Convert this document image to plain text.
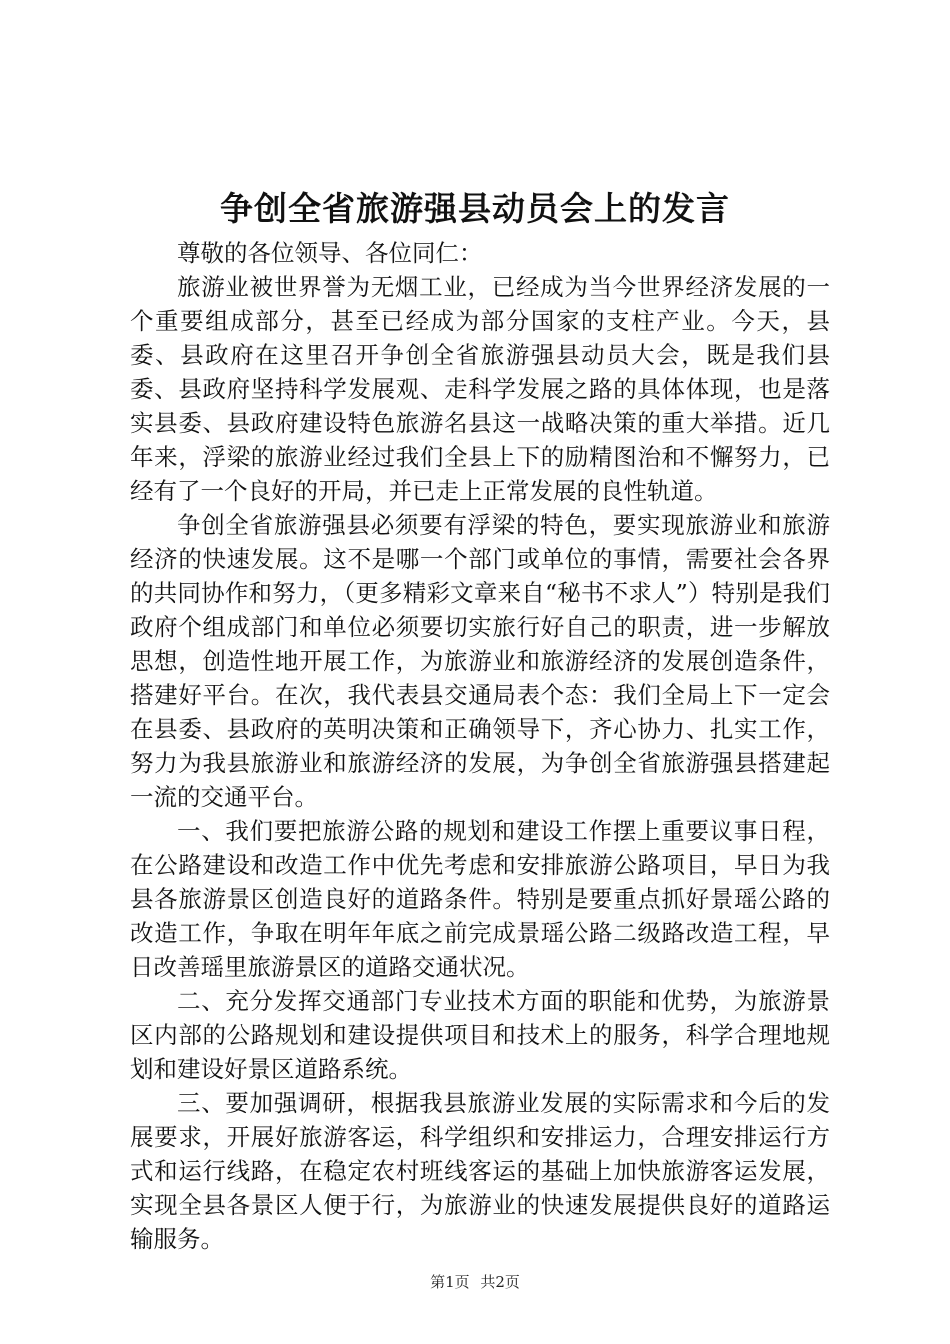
争创全省旅游强县动员会上的发言

尊敬的各位领导、各位同仁：

旅游业被世界誉为无烟工业，已经成为当今世界经济发展的一个重要组成部分，甚至已经成为部分国家的支柱产业。今天，县委、县政府在这里召开争创全省旅游强县动员大会，既是我们县委、县政府坚持科学发展观、走科学发展之路的具体体现，也是落实县委、县政府建设特色旅游名县这一战略决策的重大举措。近几年来，浮梁的旅游业经过我们全县上下的励精图治和不懈努力，已经有了一个良好的开局，并已走上正常发展的良性轨道。

争创全省旅游强县必须要有浮梁的特色，要实现旅游业和旅游经济的快速发展。这不是哪一个部门或单位的事情，需要社会各界的共同协作和努力，（更多精彩文章来自“秘书不求人”）特别是我们政府个组成部门和单位必须要切实旅行好自己的职责，进一步解放思想，创造性地开展工作，为旅游业和旅游经济的发展创造条件，搭建好平台。在次，我代表县交通局表个态：我们全局上下一定会在县委、县政府的英明决策和正确领导下，齐心协力、扎实工作，努力为我县旅游业和旅游经济的发展，为争创全省旅游强县搭建起一流的交通平台。

一、我们要把旅游公路的规划和建设工作摆上重要议事日程，在公路建设和改造工作中优先考虑和安排旅游公路项目，早日为我县各旅游景区创造良好的道路条件。特别是要重点抓好景瑶公路的改造工作，争取在明年年底之前完成景瑶公路二级路改造工程，早日改善瑶里旅游景区的道路交通状况。

二、充分发挥交通部门专业技术方面的职能和优势，为旅游景区内部的公路规划和建设提供项目和技术上的服务，科学合理地规划和建设好景区道路系统。

三、要加强调研，根据我县旅游业发展的实际需求和今后的发展要求，开展好旅游客运，科学组织和安排运力，合理安排运行方式和运行线路，在稳定农村班线客运的基础上加快旅游客运发展，实现全县各景区人便于行，为旅游业的快速发展提供良好的道路运输服务。

第1页 共2页
